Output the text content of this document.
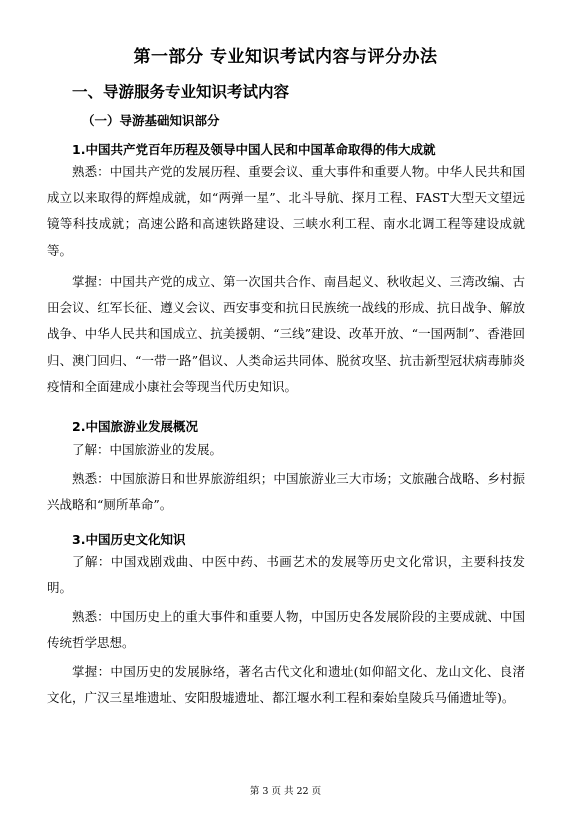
第一部分 专业知识考试内容与评分办法
一、导游服务专业知识考试内容
（一）导游基础知识部分
1.中国共产党百年历程及领导中国人民和中国革命取得的伟大成就
熟悉：中国共产党的发展历程、重要会议、重大事件和重要人物。中华人民共和国成立以来取得的辉煌成就，如“两弹一星”、北斗导航、探月工程、FAST大型天文望远镜等科技成就；高速公路和高速铁路建设、三峡水利工程、南水北调工程等建设成就等。
掌握：中国共产党的成立、第一次国共合作、南昌起义、秋收起义、三湾改编、古田会议、红军长征、遵义会议、西安事变和抗日民族统一战线的形成、抗日战争、解放战争、中华人民共和国成立、抗美援朝、“三线”建设、改革开放、“一国两制”、香港回归、澳门回归、“一带一路”倡议、人类命运共同体、脱贫攻坚、抗击新型冠状病毒肺炎疫情和全面建成小康社会等现当代历史知识。
2.中国旅游业发展概况
了解：中国旅游业的发展。
熟悉：中国旅游日和世界旅游组织；中国旅游业三大市场；文旅融合战略、乡村振兴战略和“厕所革命”。
3.中国历史文化知识
了解：中国戏剧戏曲、中医中药、书画艺术的发展等历史文化常识，主要科技发明。
熟悉：中国历史上的重大事件和重要人物，中国历史各发展阶段的主要成就、中国传统哲学思想。
掌握：中国历史的发展脉络，著名古代文化和遗址(如仰韶文化、龙山文化、良渚文化，广汉三星堆遗址、安阳殷墟遗址、都江堰水利工程和秦始皇陵兵马俑遗址等)。
第 3 页 共 22 页
